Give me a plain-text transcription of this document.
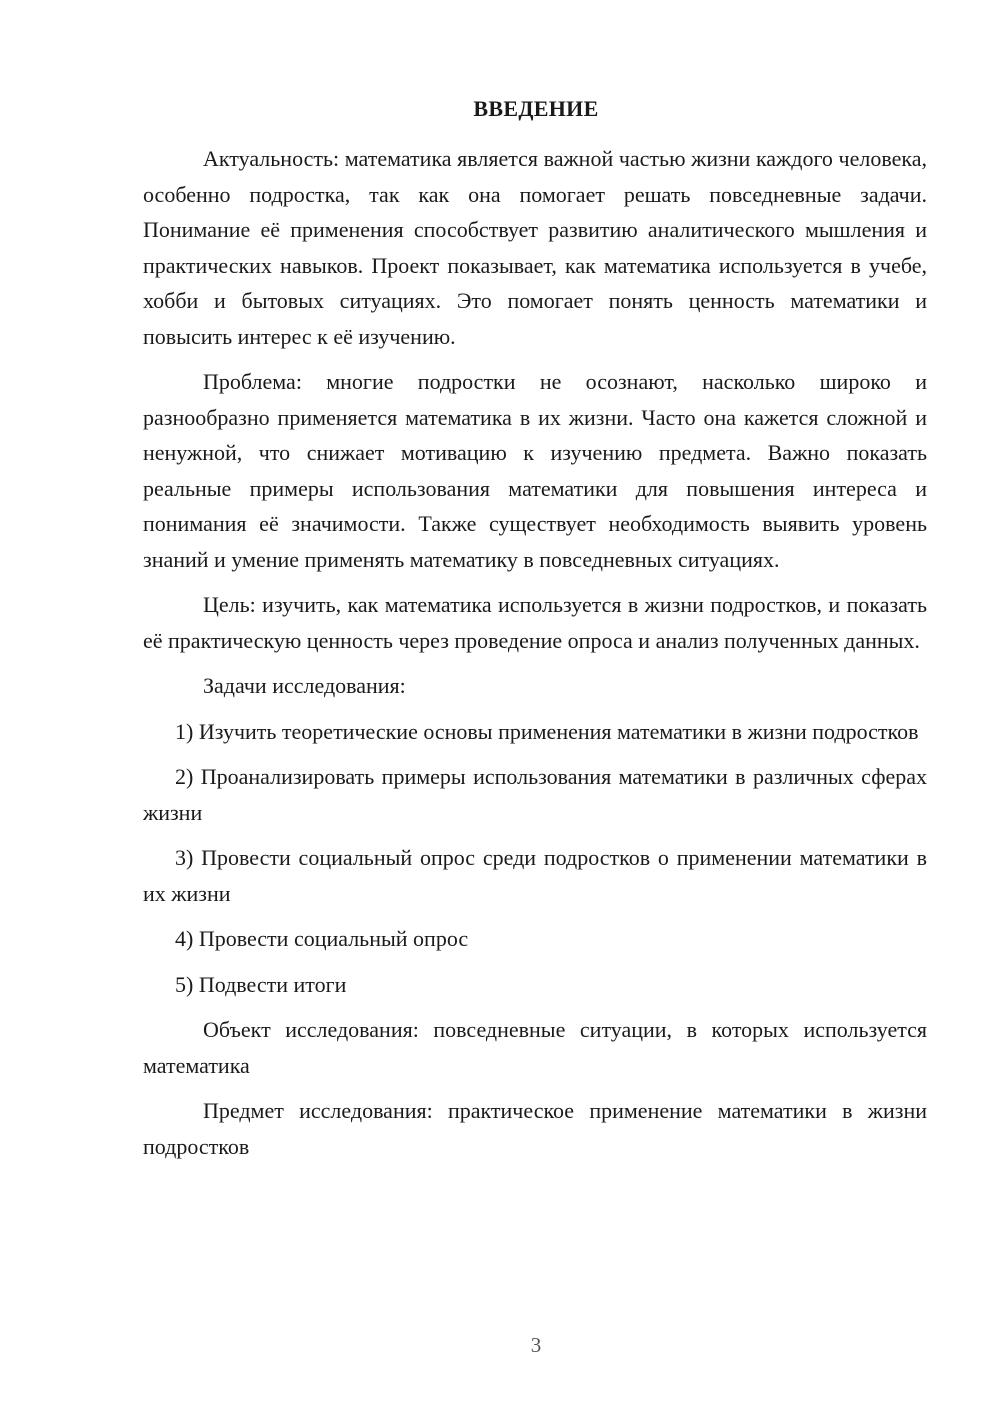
ВВЕДЕНИЕ

Актуальность: математика является важной частью жизни каждого человека, особенно подростка, так как она помогает решать повседневные задачи. Понимание её применения способствует развитию аналитического мышления и практических навыков. Проект показывает, как математика используется в учебе, хобби и бытовых ситуациях. Это помогает понять ценность математики и повысить интерес к её изучению.

Проблема: многие подростки не осознают, насколько широко и разнообразно применяется математика в их жизни. Часто она кажется сложной и ненужной, что снижает мотивацию к изучению предмета. Важно показать реальные примеры использования математики для повышения интереса и понимания её значимости. Также существует необходимость выявить уровень знаний и умение применять математику в повседневных ситуациях.

Цель: изучить, как математика используется в жизни подростков, и показать её практическую ценность через проведение опроса и анализ полученных данных.

Задачи исследования:

1) Изучить теоретические основы применения математики в жизни подростков

2) Проанализировать примеры использования математики в различных сферах жизни

3) Провести социальный опрос среди подростков о применении математики в их жизни

4) Провести социальный опрос

5) Подвести итоги

Объект исследования: повседневные ситуации, в которых используется математика

Предмет исследования: практическое применение математики в жизни подростков

3
